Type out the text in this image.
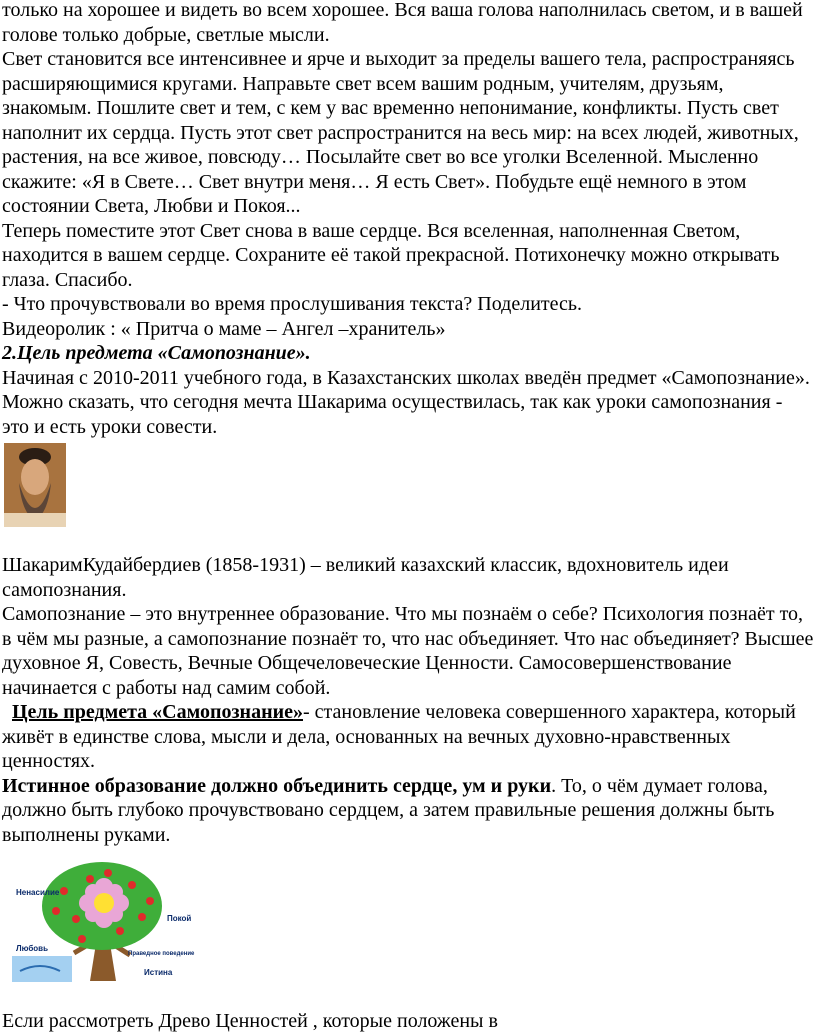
только на хорошее и видеть во всем хорошее. Вся ваша голова наполнилась светом, и в вашей голове только добрые, светлые мысли.

Свет становится все интенсивнее и ярче и выходит за пределы вашего тела, распространяясь расширяющимися кругами. Направьте свет всем вашим родным, учителям, друзьям, знакомым. Пошлите свет и тем, с кем у вас временно непонимание, конфликты. Пусть свет наполнит их сердца. Пусть этот свет распространится на весь мир: на всех людей, животных, растения, на все живое, повсюду… Посылайте свет во все уголки Вселенной. Мысленно скажите: «Я в Свете… Свет внутри меня… Я есть Свет». Побудьте ещё немного в этом состоянии Света, Любви и Покоя...

Теперь поместите этот Свет снова в ваше сердце. Вся вселенная, наполненная Светом, находится в вашем сердце. Сохраните её такой прекрасной. Потихонечку можно открывать глаза. Спасибо.

- Что прочувствовали во время прослушивания текста? Поделитесь.

Видеоролик : « Притча о маме – Ангел –хранитель»

2.Цель предмета «Самопознание».

Начиная с 2010-2011 учебного года, в Казахстанских школах введён предмет «Самопознание». Можно сказать, что сегодня мечта Шакарима осуществилась, так как уроки самопознания - это и есть уроки совести.

ШакаримКудайбердиев (1858-1931) – великий казахский классик, вдохновитель идеи самопознания.

Самопознание – это внутреннее образование. Что мы познаём о себе? Психология познаёт то, в чём мы разные, а самопознание познаёт то, что нас объединяет. Что нас объединяет? Высшее духовное Я, Совесть, Вечные Общечеловеческие Ценности. Самосовершенствование начинается с работы над самим собой.

Цель предмета «Самопознание»- становление человека совершенного характера, который живёт в единстве слова, мысли и дела, основанных на вечных духовно-нравственных ценностях.

Истинное образование должно объединить сердце, ум и руки. То, о чём думает голова, должно быть глубоко прочувствовано сердцем, а затем правильные решения должны быть выполнены руками.

Ненасилие
Покой
Любовь
Праведное поведение
Истина

Если рассмотреть Древо Ценностей , которые положены в
